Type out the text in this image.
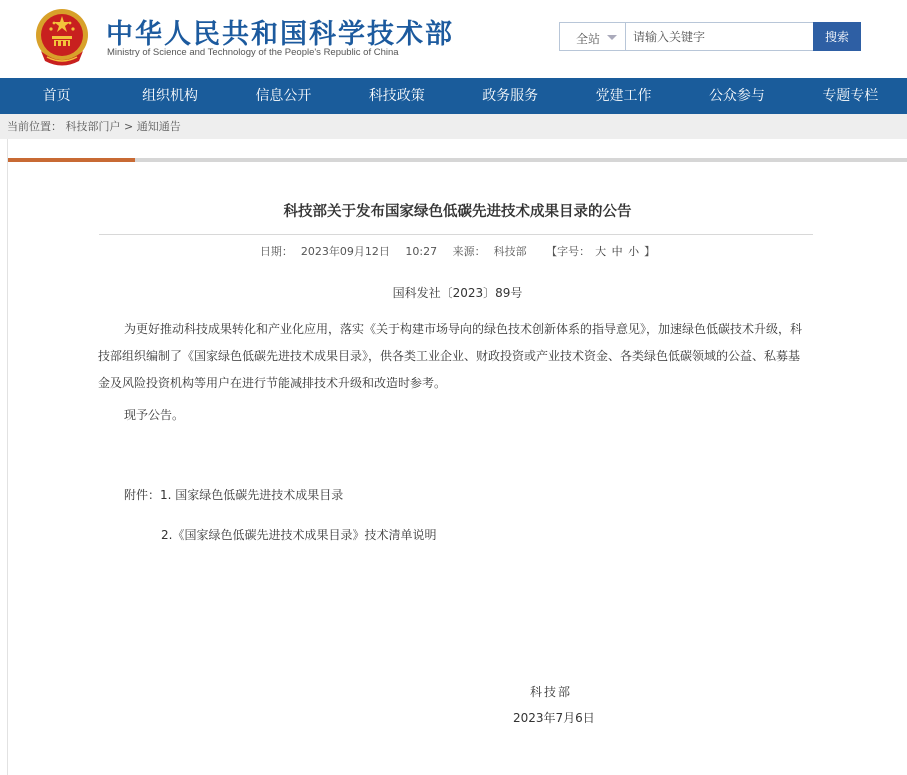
中华人民共和国科学技术部
Ministry of Science and Technology of the People's Republic of China
全站
请输入关键字	搜索
首页	组织机构	信息公开	科技政策	政务服务	党建工作	公众参与	专题专栏
当前位置： 科技部门户 > 通知通告
科技部关于发布国家绿色低碳先进技术成果目录的公告
日期： 2023年09月12日 10:27 来源： 科技部 【字号： 大 中 小 】
国科发社〔2023〕89号
为更好推动科技成果转化和产业化应用，落实《关于构建市场导向的绿色技术创新体系的指导意见》，加速绿色低碳技术升级，科
技部组织编制了《国家绿色低碳先进技术成果目录》，供各类工业企业、财政投资或产业技术资金、各类绿色低碳领域的公益、私募基
金及风险投资机构等用户在进行节能减排技术升级和改造时参考。
现予公告。
附件：1. 国家绿色低碳先进技术成果目录
2.《国家绿色低碳先进技术成果目录》技术清单说明
科技部
2023年7月6日
